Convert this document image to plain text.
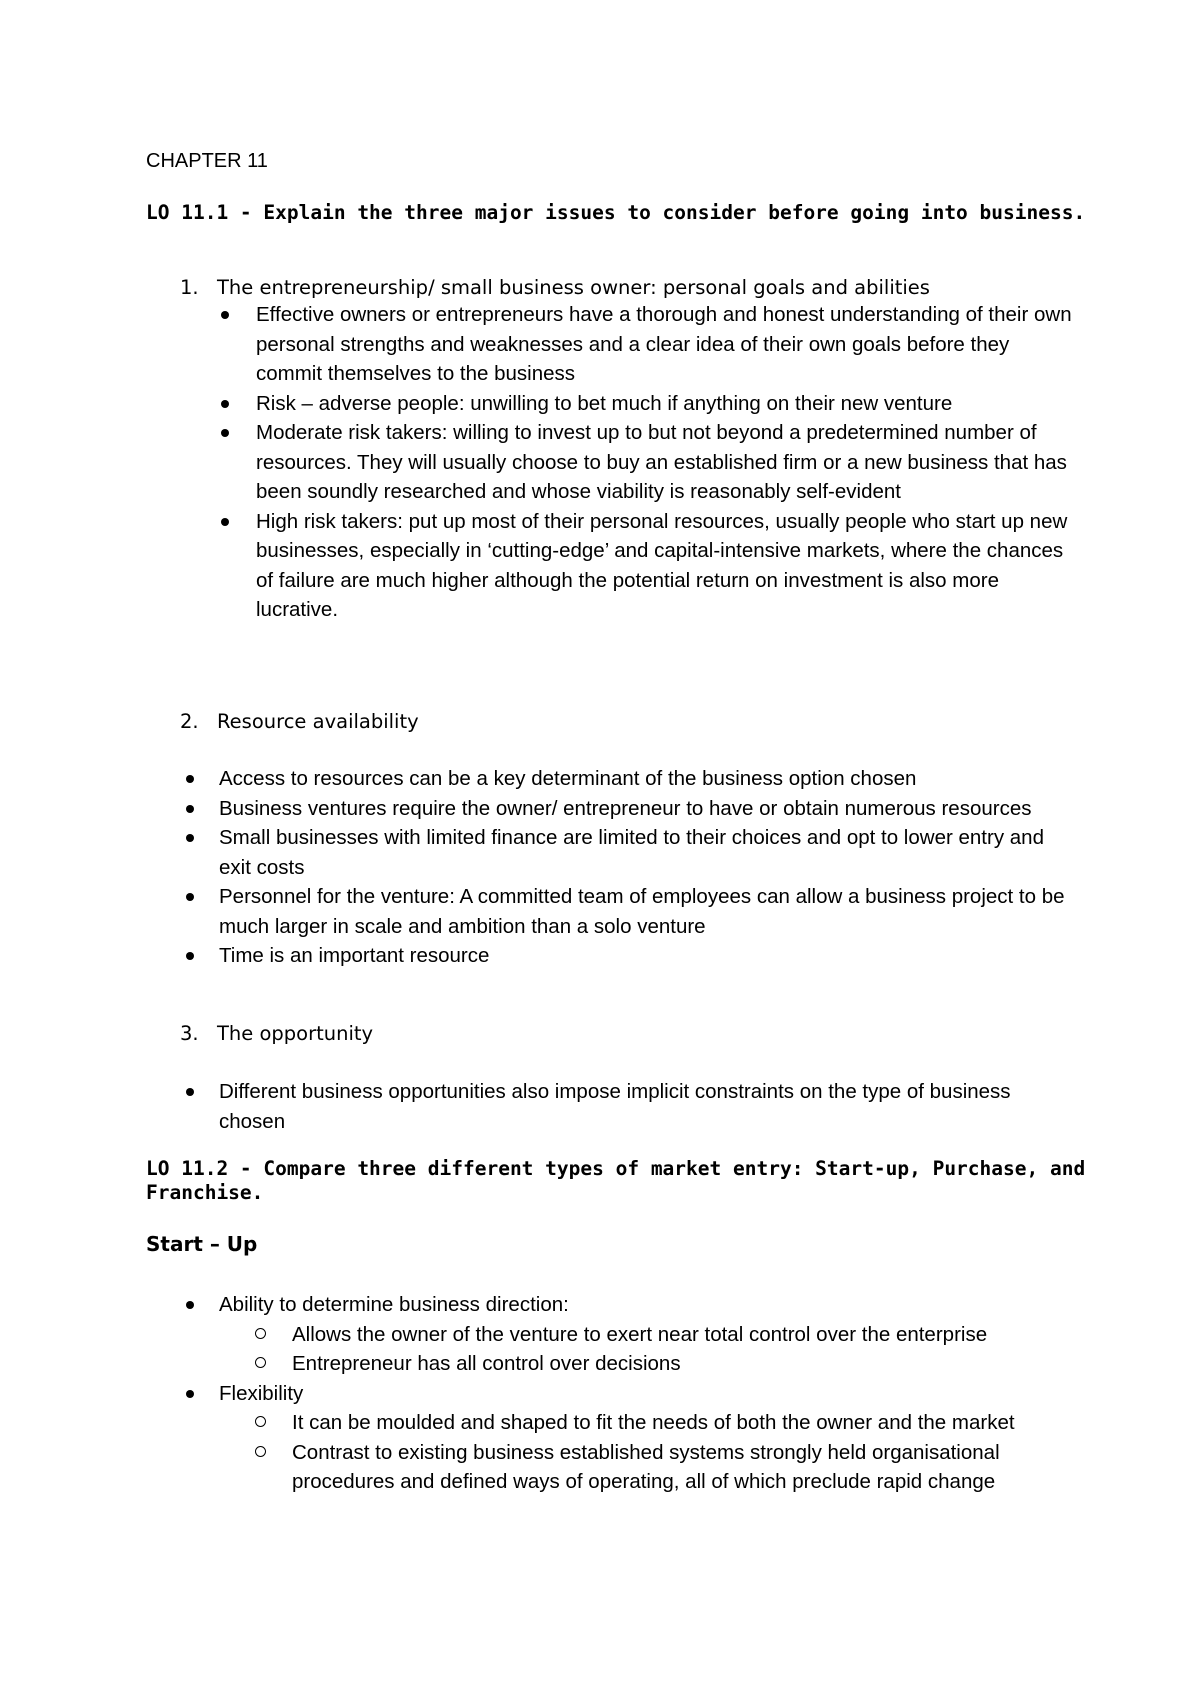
CHAPTER 11
LO 11.1 - Explain the three major issues to consider before going into business.
1. The entrepreneurship/ small business owner: personal goals and abilities
Effective owners or entrepreneurs have a thorough and honest understanding of their own personal strengths and weaknesses and a clear idea of their own goals before they commit themselves to the business
Risk – adverse people: unwilling to bet much if anything on their new venture
Moderate risk takers: willing to invest up to but not beyond a predetermined number of resources. They will usually choose to buy an established firm or a new business that has been soundly researched and whose viability is reasonably self-evident
High risk takers: put up most of their personal resources, usually people who start up new businesses, especially in ‘cutting-edge’ and capital-intensive markets, where the chances of failure are much higher although the potential return on investment is also more lucrative.
2. Resource availability
Access to resources can be a key determinant of the business option chosen
Business ventures require the owner/ entrepreneur to have or obtain numerous resources
Small businesses with limited finance are limited to their choices and opt to lower entry and exit costs
Personnel for the venture: A committed team of employees can allow a business project to be much larger in scale and ambition than a solo venture
Time is an important resource
3. The opportunity
Different business opportunities also impose implicit constraints on the type of business chosen
LO 11.2 - Compare three different types of market entry: Start-up, Purchase, and Franchise.
Start – Up
Ability to determine business direction:
Allows the owner of the venture to exert near total control over the enterprise
Entrepreneur has all control over decisions
Flexibility
It can be moulded and shaped to fit the needs of both the owner and the market
Contrast to existing business established systems strongly held organisational procedures and defined ways of operating, all of which preclude rapid change
